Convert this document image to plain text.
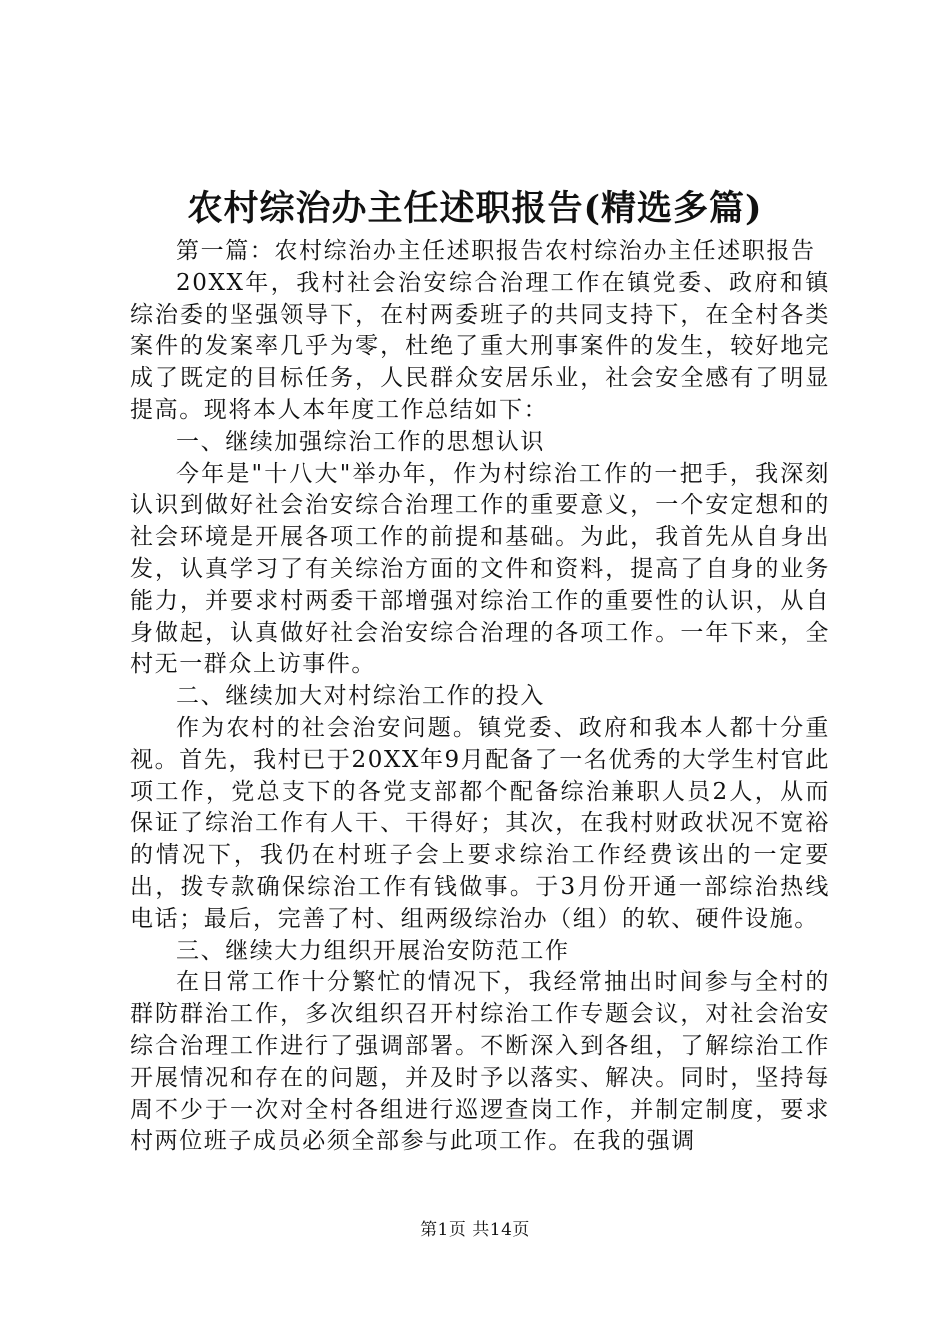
农村综治办主任述职报告(精选多篇)

第一篇：农村综治办主任述职报告农村综治办主任述职报告

20XX年，我村社会治安综合治理工作在镇党委、政府和镇综治委的坚强领导下，在村两委班子的共同支持下，在全村各类案件的发案率几乎为零，杜绝了重大刑事案件的发生，较好地完成了既定的目标任务，人民群众安居乐业，社会安全感有了明显提高。现将本人本年度工作总结如下：

一、继续加强综治工作的思想认识

今年是"十八大"举办年，作为村综治工作的一把手，我深刻认识到做好社会治安综合治理工作的重要意义，一个安定想和的社会环境是开展各项工作的前提和基础。为此，我首先从自身出发，认真学习了有关综治方面的文件和资料，提高了自身的业务能力，并要求村两委干部增强对综治工作的重要性的认识，从自身做起，认真做好社会治安综合治理的各项工作。一年下来，全村无一群众上访事件。

二、继续加大对村综治工作的投入

作为农村的社会治安问题。镇党委、政府和我本人都十分重视。首先，我村已于20XX年9月配备了一名优秀的大学生村官此项工作，党总支下的各党支部都个配备综治兼职人员2人，从而保证了综治工作有人干、干得好；其次，在我村财政状况不宽裕的情况下，我仍在村班子会上要求综治工作经费该出的一定要出，拨专款确保综治工作有钱做事。于3月份开通一部综治热线电话；最后，完善了村、组两级综治办（组）的软、硬件设施。

三、继续大力组织开展治安防范工作

在日常工作十分繁忙的情况下，我经常抽出时间参与全村的群防群治工作，多次组织召开村综治工作专题会议，对社会治安综合治理工作进行了强调部署。不断深入到各组，了解综治工作开展情况和存在的问题，并及时予以落实、解决。同时，坚持每周不少于一次对全村各组进行巡逻查岗工作，并制定制度，要求村两位班子成员必须全部参与此项工作。在我的强调

第1页 共14页
